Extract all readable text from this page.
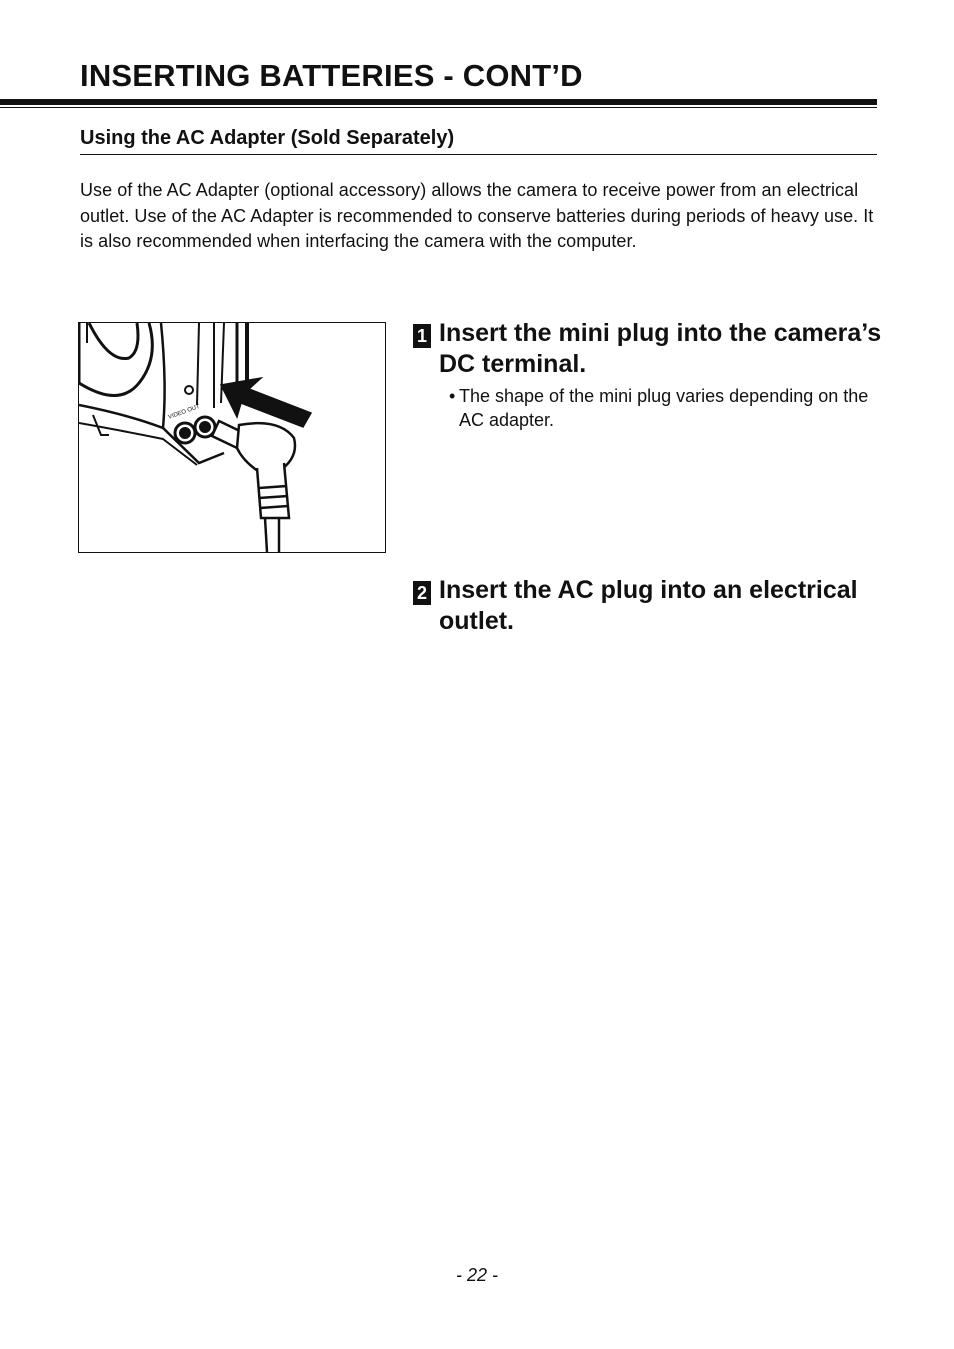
INSERTING BATTERIES - CONT’D
Using the AC Adapter (Sold Separately)

Use of the AC Adapter (optional accessory) allows the camera to receive power from an electrical outlet. Use of the AC Adapter is recommended to conserve batteries during periods of heavy use. It is also recommended when interfacing the camera with the computer.

VIDEO OUT
1 Insert the mini plug into the camera’s DC terminal.

• The shape of the mini plug varies depending on the AC adapter.
2 Insert the AC plug into an electrical outlet.

- 22 -
